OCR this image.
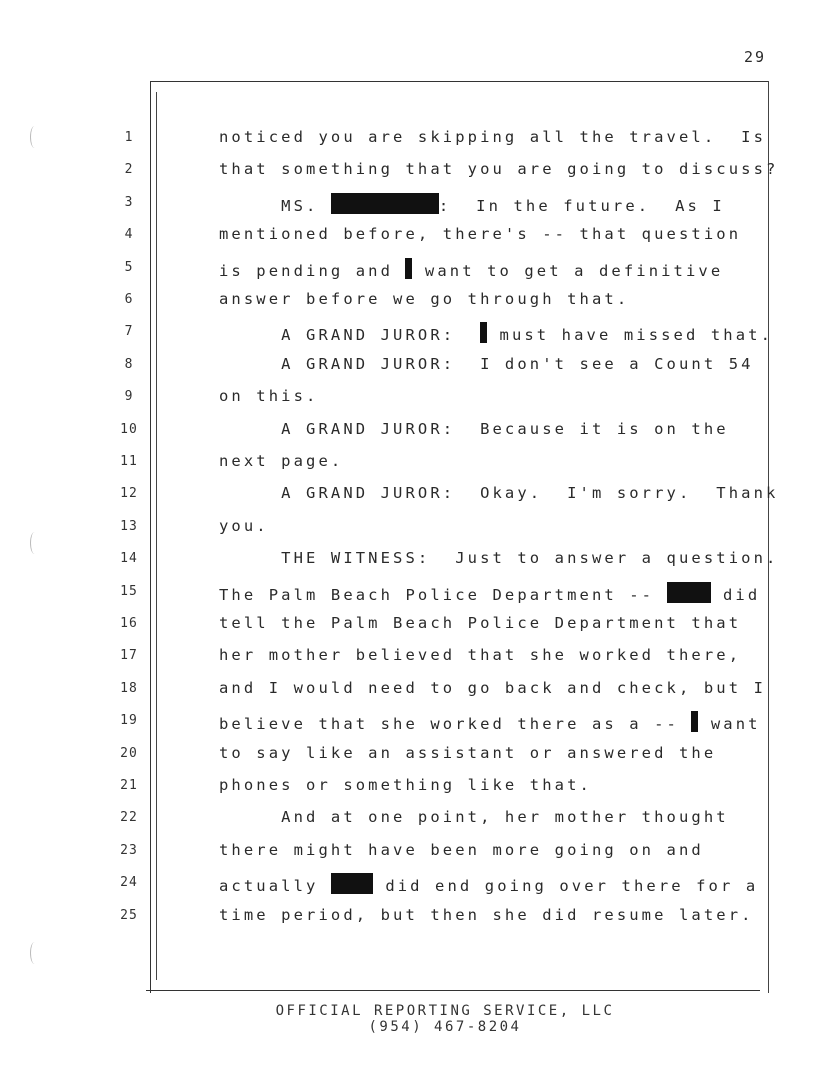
29
1
2
3
4
5
6
7
8
9
10
11
12
13
14
15
16
17
18
19
20
21
22
23
24
25
noticed you are skipping all the travel.  Is
that something that you are going to discuss?
MS.	:  In the future.  As I
mentioned before, there's -- that question
is pending and  want to get a definitive
answer before we go through that.
A GRAND JUROR:   must have missed that.
A GRAND JUROR:  I don't see a Count 54
on this.
A GRAND JUROR:  Because it is on the
next page.
A GRAND JUROR:  Okay.  I'm sorry.  Thank
you.
THE WITNESS:  Just to answer a question.
The Palm Beach Police Department --	did
tell the Palm Beach Police Department that
her mother believed that she worked there,
and I would need to go back and check, but I
believe that she worked there as a --  want
to say like an assistant or answered the
phones or something like that.
And at one point, her mother thought
there might have been more going on and
actually	did end going over there for a
time period, but then she did resume later.
OFFICIAL REPORTING SERVICE, LLC
(954) 467-8204
